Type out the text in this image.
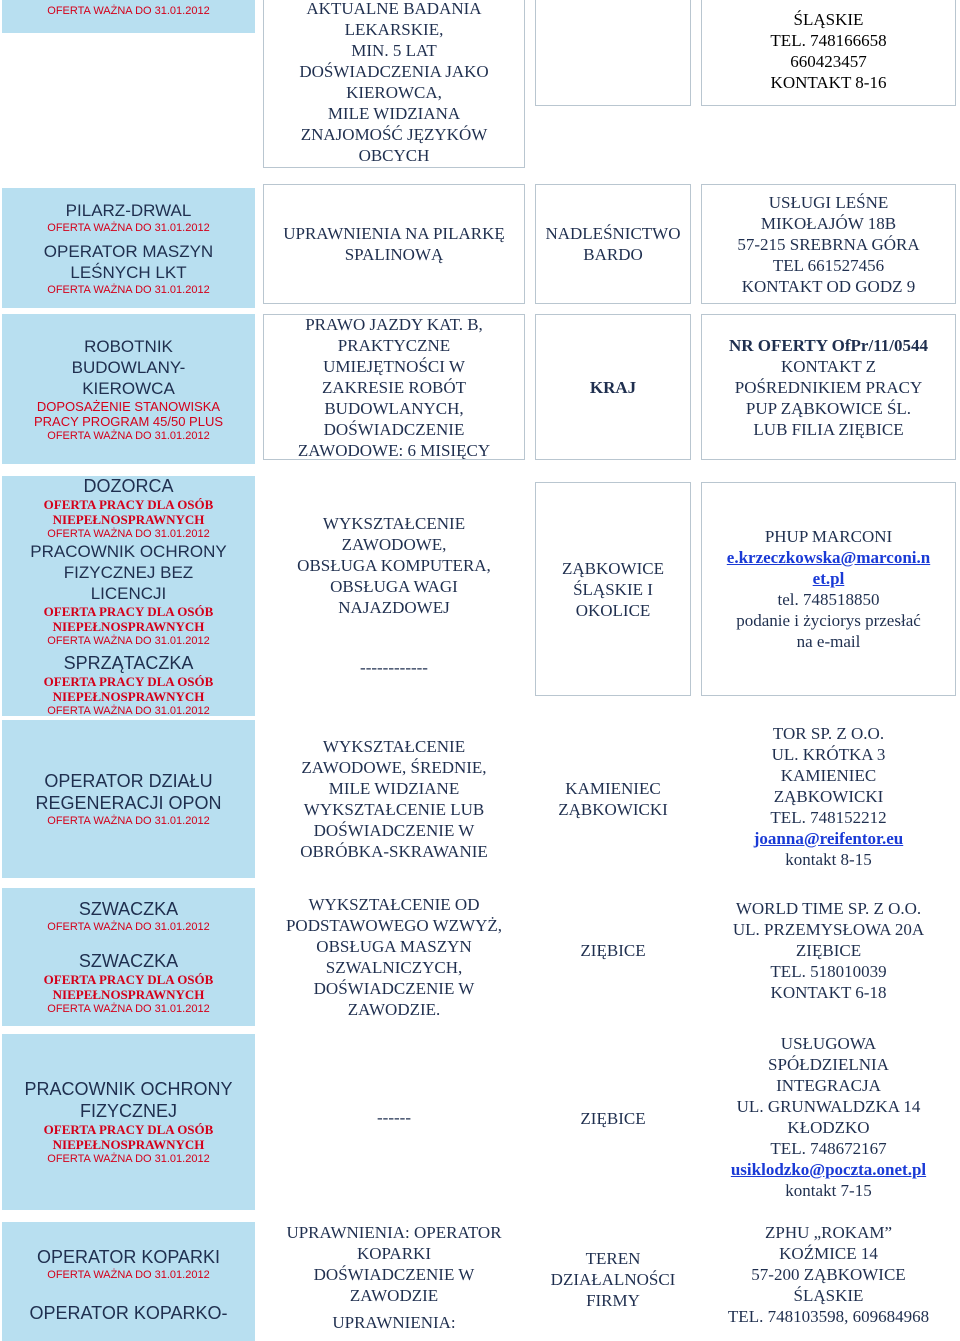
OFERTA WAŻNA DO 31.01.2012	AKTUALNE BADANIA
LEKARSKIE,
MIN. 5 LAT
DOŚWIADCZENIA JAKO
KIEROWCA,
MILE WIDZIANA
ZNAJOMOŚĆ JĘZYKÓW
OBCYCH
ŚLĄSKIE
TEL. 748166658
660423457
KONTAKT 8-16
PILARZ-DRWAL
OFERTA WAŻNA DO 31.01.2012
OPERATOR MASZYN
LEŚNYCH LKT
OFERTA WAŻNA DO 31.01.2012
UPRAWNIENIA NA PILARKĘ
SPALINOWĄ
NADLEŚNICTWO
BARDO
USŁUGI LEŚNE
MIKOŁAJÓW 18B
57-215 SREBRNA GÓRA
TEL 661527456
KONTAKT OD GODZ 9
ROBOTNIK
BUDOWLANY-
KIEROWCA
DOPOSAŻENIE STANOWISKA
PRACY PROGRAM 45/50 PLUS
OFERTA WAŻNA DO 31.01.2012
PRAWO JAZDY KAT. B,
PRAKTYCZNE
UMIEJĘTNOŚCI W
ZAKRESIE ROBÓT
BUDOWLANYCH,
DOŚWIADCZENIE
ZAWODOWE: 6 MISIĘCY
KRAJ
NR OFERTY OfPr/11/0544
KONTAKT Z
POŚREDNIKIEM PRACY
PUP ZĄBKOWICE ŚL.
LUB FILIA ZIĘBICE
DOZORCA
OFERTA PRACY DLA OSÓB NIEPEŁNOSPRAWNYCH
OFERTA WAŻNA DO 31.01.2012
PRACOWNIK OCHRONY
FIZYCZNEJ BEZ
LICENCJI
OFERTA PRACY DLA OSÓB NIEPEŁNOSPRAWNYCH
OFERTA WAŻNA DO 31.01.2012
SPRZĄTACZKA
OFERTA PRACY DLA OSÓB NIEPEŁNOSPRAWNYCH
OFERTA WAŻNA DO 31.01.2012
WYKSZTAŁCENIE
ZAWODOWE,
OBSŁUGA KOMPUTERA,
OBSŁUGA WAGI
NAJAZDOWEJ
------------
ZĄBKOWICE
ŚLĄSKIE I
OKOLICE
PHUP MARCONI
e.krzeczkowska@marconi.n
et.pl
tel. 748518850
podanie i życiorys przesłać
na e-mail
OPERATOR DZIAŁU
REGENERACJI OPON
OFERTA WAŻNA DO 31.01.2012
WYKSZTAŁCENIE
ZAWODOWE, ŚREDNIE,
MILE WIDZIANE
WYKSZTAŁCENIE LUB
DOŚWIADCZENIE W
OBRÓBKA-SKRAWANIE
KAMIENIEC
ZĄBKOWICKI
TOR SP. Z O.O.
UL. KRÓTKA 3
KAMIENIEC
ZĄBKOWICKI
TEL. 748152212
joanna@reifentor.eu
kontakt 8-15
SZWACZKA
OFERTA WAŻNA DO 31.01.2012
SZWACZKA
OFERTA PRACY DLA OSÓB NIEPEŁNOSPRAWNYCH
OFERTA WAŻNA DO 31.01.2012
WYKSZTAŁCENIE OD
PODSTAWOWEGO WZWYŻ,
OBSŁUGA MASZYN
SZWALNICZYCH,
DOŚWIADCZENIE W
ZAWODZIE.
ZIĘBICE
WORLD TIME SP. Z O.O.
UL. PRZEMYSŁOWA 20A
ZIĘBICE
TEL. 518010039
KONTAKT 6-18
PRACOWNIK OCHRONY
FIZYCZNEJ
OFERTA PRACY DLA OSÓB NIEPEŁNOSPRAWNYCH
OFERTA WAŻNA DO 31.01.2012
------	ZIĘBICE
USŁUGOWA
SPÓŁDZIELNIA
INTEGRACJA
UL. GRUNWALDZKA 14
KŁODZKO
TEL. 748672167
usiklodzko@poczta.onet.pl
kontakt 7-15
OPERATOR KOPARKI
OFERTA WAŻNA DO 31.01.2012
OPERATOR KOPARKO-
UPRAWNIENIA: OPERATOR
KOPARKI
DOŚWIADCZENIE W
ZAWODZIE
UPRAWNIENIA:
TEREN
DZIAŁALNOŚCI
FIRMY
ZPHU „ROKAM”
KOŹMICE 14
57-200 ZĄBKOWICE
ŚLĄSKIE
TEL. 748103598, 609684968
